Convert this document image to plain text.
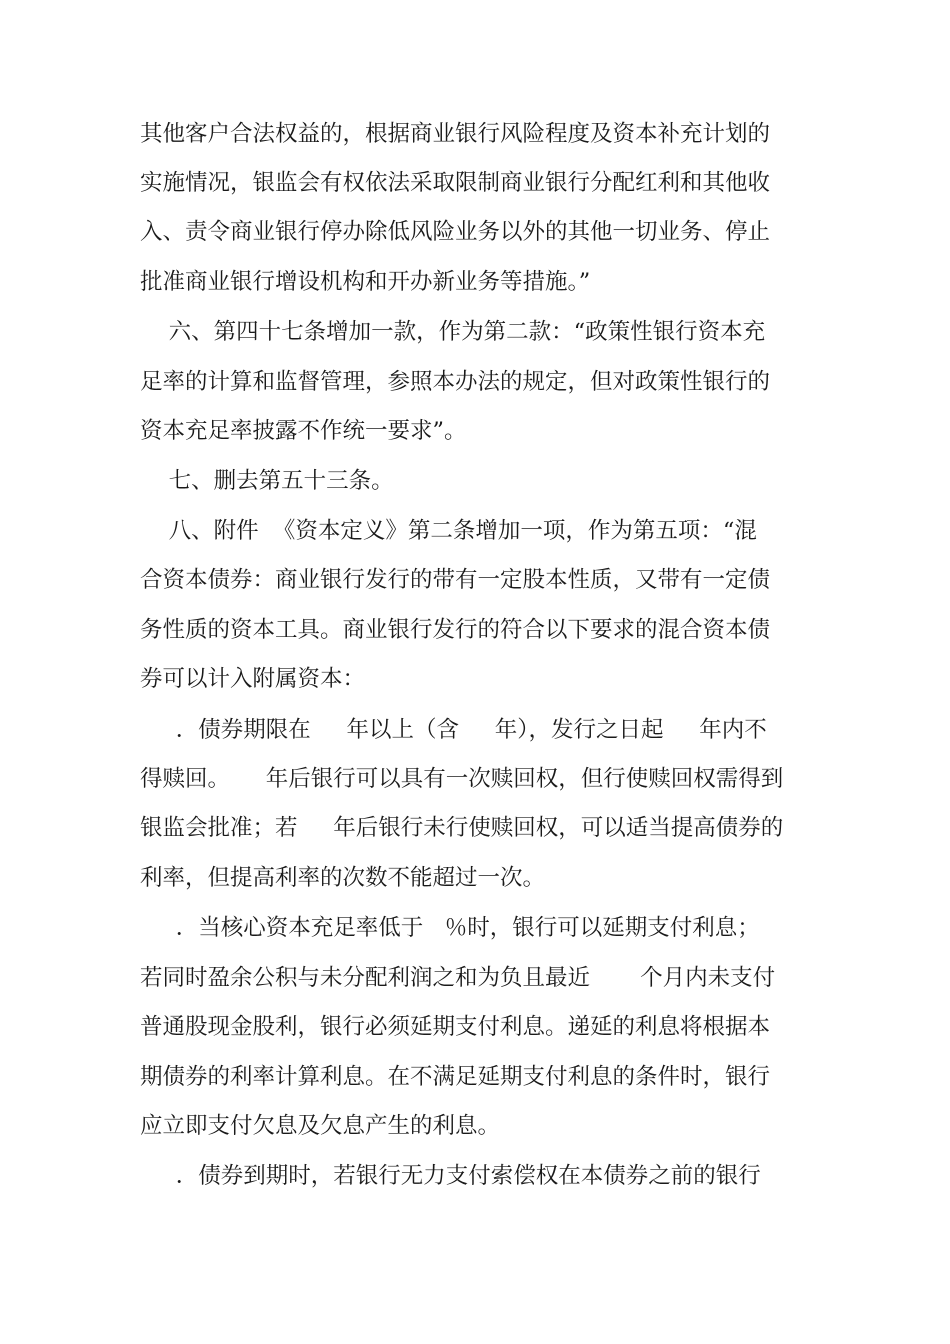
其他客户合法权益的，根据商业银行风险程度及资本补充计划的
实施情况，银监会有权依法采取限制商业银行分配红利和其他收
入、责令商业银行停办除低风险业务以外的其他一切业务、停止
批准商业银行增设机构和开办新业务等措施。”
六、第四十七条增加一款，作为第二款：“政策性银行资本充
足率的计算和监督管理，参照本办法的规定，但对政策性银行的
资本充足率披露不作统一要求”。
七、删去第五十三条。
八、附件  《资本定义》第二条增加一项，作为第五项：“混
合资本债券：商业银行发行的带有一定股本性质，又带有一定债
务性质的资本工具。商业银行发行的符合以下要求的混合资本债
券可以计入附属资本：
．债券期限在     年以上（含     年），发行之日起     年内不
得赎回。     年后银行可以具有一次赎回权，但行使赎回权需得到
银监会批准；若     年后银行未行使赎回权，可以适当提高债券的
利率，但提高利率的次数不能超过一次。
．当核心资本充足率低于   ％时，银行可以延期支付利息；
若同时盈余公积与未分配利润之和为负且最近       个月内未支付
普通股现金股利，银行必须延期支付利息。递延的利息将根据本
期债券的利率计算利息。在不满足延期支付利息的条件时，银行
应立即支付欠息及欠息产生的利息。
．债券到期时，若银行无力支付索偿权在本债券之前的银行
